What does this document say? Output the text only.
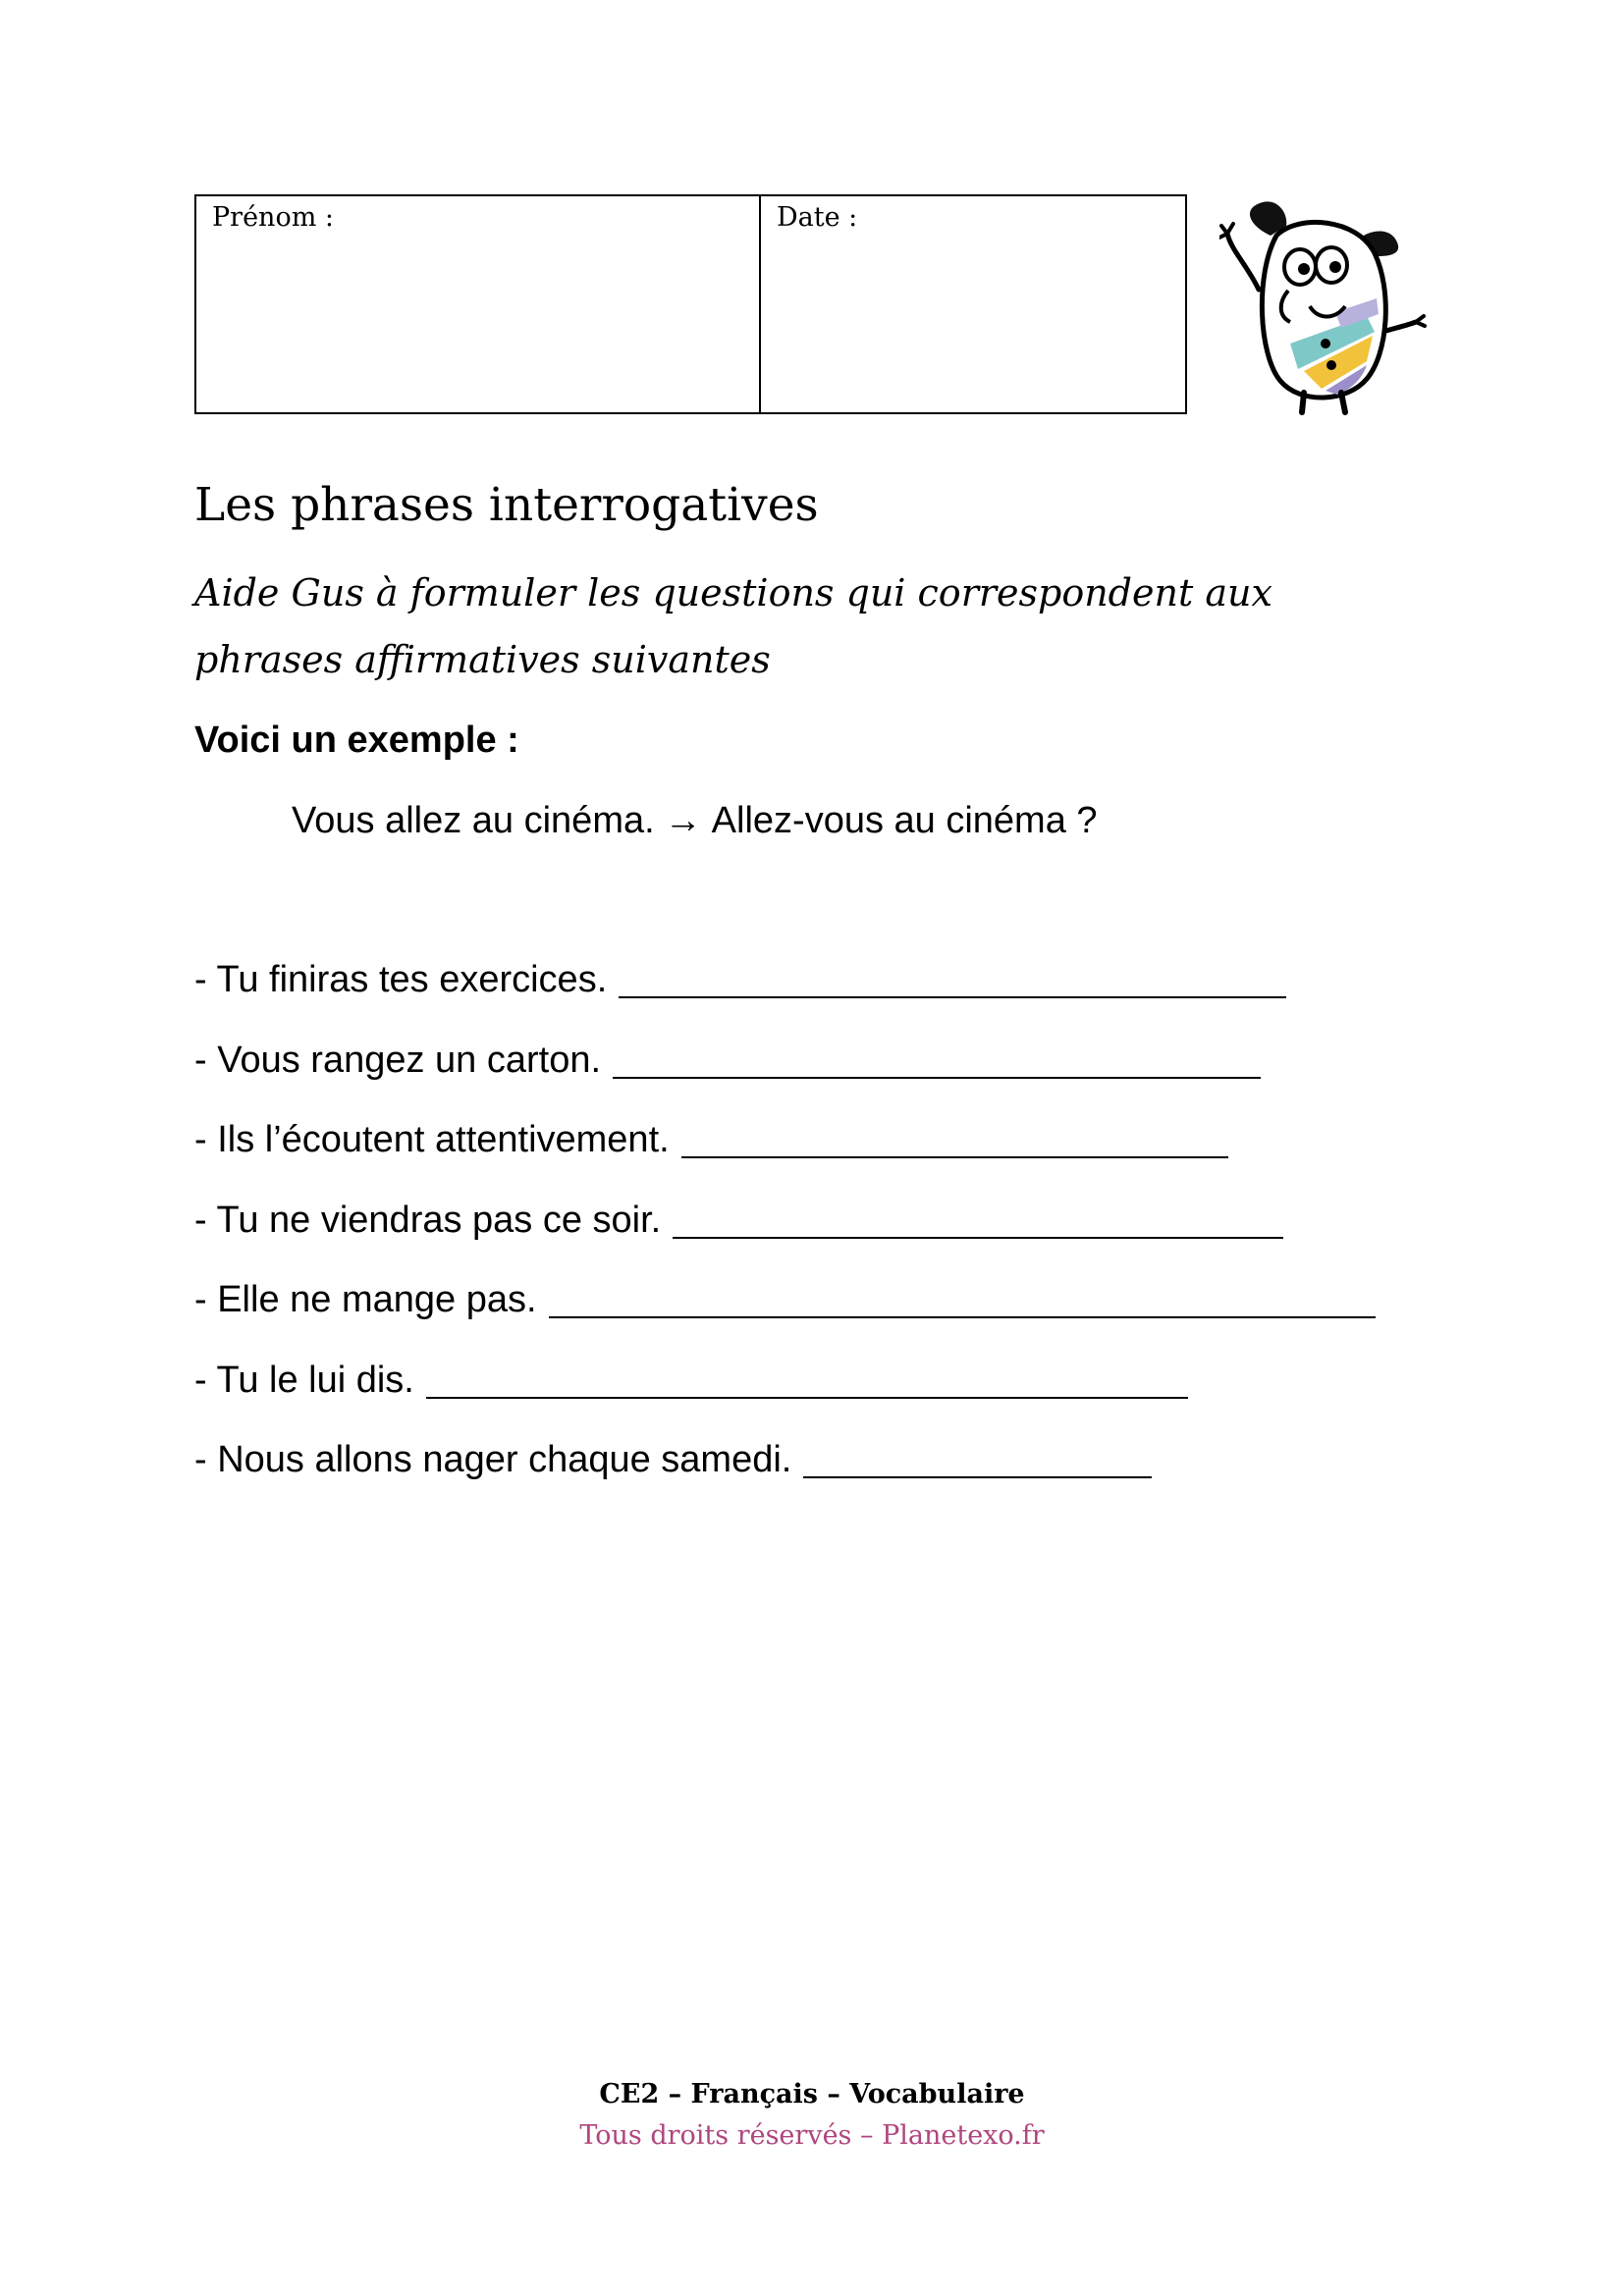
Prénom :	Date :
Les phrases interrogatives
Aide Gus à formuler les questions qui correspondent aux phrases affirmatives suivantes
Voici un exemple :
Vous allez au cinéma. → Allez-vous au cinéma ?
- Tu finiras tes exercices.
- Vous rangez un carton.
- Ils l’écoutent attentivement.
- Tu ne viendras pas ce soir.
- Elle ne mange pas.
- Tu le lui dis.
- Nous allons nager chaque samedi.
CE2 – Français – Vocabulaire
Tous droits réservés – Planetexo.fr
